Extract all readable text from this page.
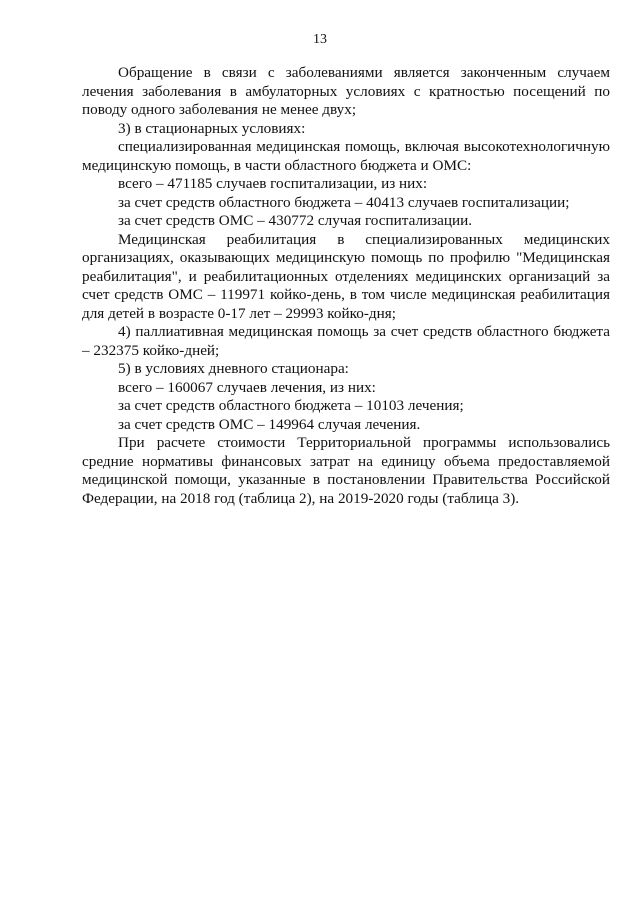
13

Обращение в связи с заболеваниями является законченным случаем лечения заболевания в амбулаторных условиях с кратностью посещений по поводу одного заболевания не менее двух;

3) в стационарных условиях:

специализированная медицинская помощь, включая высокотехнологичную медицинскую помощь, в части областного бюджета и ОМС:

всего – 471185 случаев госпитализации, из них:

за счет средств областного бюджета – 40413 случаев госпитализации;

за счет средств ОМС – 430772 случая госпитализации.

Медицинская реабилитация в специализированных медицинских организациях, оказывающих медицинскую помощь по профилю "Медицинская реабилитация", и реабилитационных отделениях медицинских организаций за счет средств ОМС – 119971 койко-день, в том числе медицинская реабилитация для детей в возрасте 0-17 лет – 29993 койко-дня;

4) паллиативная медицинская помощь за счет средств областного бюджета – 232375 койко-дней;

5) в условиях дневного стационара:

всего – 160067 случаев лечения, из них:

за счет средств областного бюджета – 10103 лечения;

за счет средств ОМС – 149964 случая лечения.

При расчете стоимости Территориальной программы использовались средние нормативы финансовых затрат на единицу объема предоставляемой медицинской помощи, указанные в постановлении Правительства Российской Федерации, на 2018 год (таблица 2), на 2019-2020 годы (таблица 3).
